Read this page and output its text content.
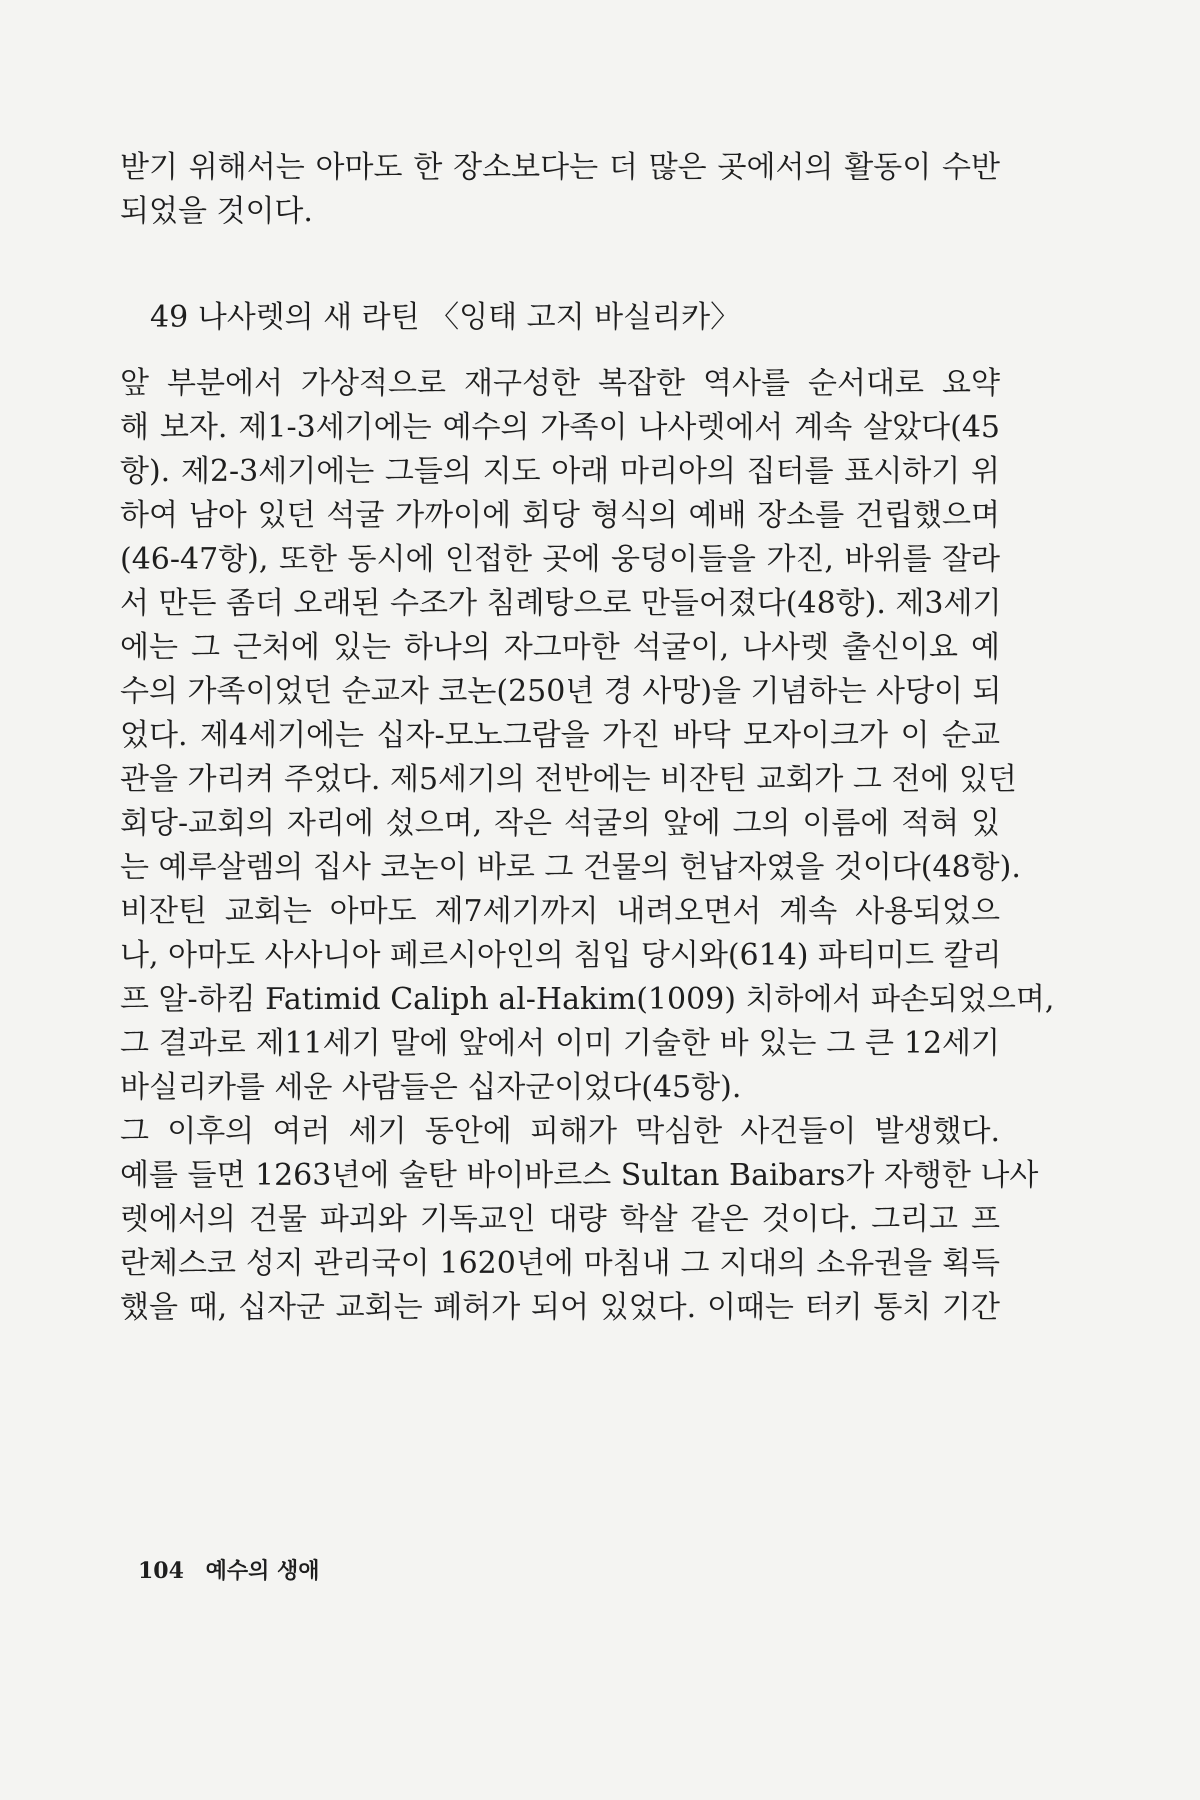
받기 위해서는 아마도 한 장소보다는 더 많은 곳에서의 활동이 수반

되었을 것이다.

49 나사렛의 새 라틴 〈잉태 고지 바실리카〉

앞 부분에서 가상적으로 재구성한 복잡한 역사를 순서대로 요약

해 보자. 제1-3세기에는 예수의 가족이 나사렛에서 계속 살았다(45

항). 제2-3세기에는 그들의 지도 아래 마리아의 집터를 표시하기 위

하여 남아 있던 석굴 가까이에 회당 형식의 예배 장소를 건립했으며

(46-47항), 또한 동시에 인접한 곳에 웅덩이들을 가진, 바위를 잘라

서 만든 좀더 오래된 수조가 침례탕으로 만들어졌다(48항). 제3세기

에는 그 근처에 있는 하나의 자그마한 석굴이, 나사렛 출신이요 예

수의 가족이었던 순교자 코논(250년 경 사망)을 기념하는 사당이 되

었다. 제4세기에는 십자-모노그람을 가진 바닥 모자이크가 이 순교

관을 가리켜 주었다. 제5세기의 전반에는 비잔틴 교회가 그 전에 있던

회당-교회의 자리에 섰으며, 작은 석굴의 앞에 그의 이름에 적혀 있

는 예루살렘의 집사 코논이 바로 그 건물의 헌납자였을 것이다(48항).

비잔틴 교회는 아마도 제7세기까지 내려오면서 계속 사용되었으

나, 아마도 사사니아 페르시아인의 침입 당시와(614) 파티미드 칼리

프 알-하킴 Fatimid Caliph al-Hakim(1009) 치하에서 파손되었으며,

그 결과로 제11세기 말에 앞에서 이미 기술한 바 있는 그 큰 12세기

바실리카를 세운 사람들은 십자군이었다(45항).

그 이후의 여러 세기 동안에 피해가 막심한 사건들이 발생했다.

예를 들면 1263년에 술탄 바이바르스 Sultan Baibars가 자행한 나사

렛에서의 건물 파괴와 기독교인 대량 학살 같은 것이다. 그리고 프

란체스코 성지 관리국이 1620년에 마침내 그 지대의 소유권을 획득

했을 때, 십자군 교회는 폐허가 되어 있었다. 이때는 터키 통치 기간

104 예수의 생애
